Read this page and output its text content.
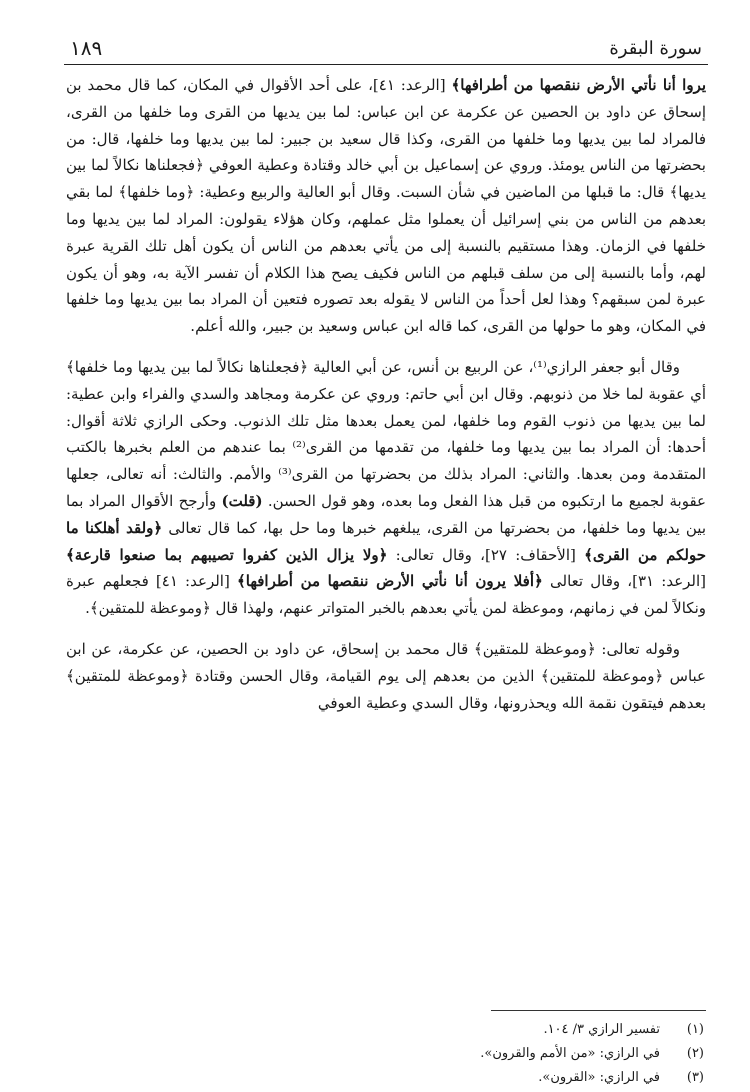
سورة البقرة
١٨٩

يروا أنا نأتي الأرض ننقصها من أطرافها﴾ [الرعد: ٤١]، على أحد الأقوال في المكان، كما قال محمد بن إسحاق عن داود بن الحصين عن عكرمة عن ابن عباس: لما بين يديها من القرى وما خلفها من القرى، فالمراد لما بين يديها وما خلفها من القرى، وكذا قال سعيد بن جبير: لما بين يديها وما خلفها، قال: من بحضرتها من الناس يومئذ. وروي عن إسماعيل بن أبي خالد وقتادة وعطية العوفي ﴿فجعلناها نكالاً لما بين يديها﴾ قال: ما قبلها من الماضين في شأن السبت. وقال أبو العالية والربيع وعطية: ﴿وما خلفها﴾ لما بقي بعدهم من الناس من بني إسرائيل أن يعملوا مثل عملهم، وكان هؤلاء يقولون: المراد لما بين يديها وما خلفها في الزمان. وهذا مستقيم بالنسبة إلى من يأتي بعدهم من الناس أن يكون أهل تلك القرية عبرة لهم، وأما بالنسبة إلى من سلف قبلهم من الناس فكيف يصح هذا الكلام أن تفسر الآية به، وهو أن يكون عبرة لمن سبقهم؟ وهذا لعل أحداً من الناس لا يقوله بعد تصوره فتعين أن المراد بما بين يديها وما خلفها في المكان، وهو ما حولها من القرى، كما قاله ابن عباس وسعيد بن جبير، والله أعلم.

وقال أبو جعفر الرازي⁽¹⁾، عن الربيع بن أنس، عن أبي العالية ﴿فجعلناها نكالاً لما بين يديها وما خلفها﴾ أي عقوبة لما خلا من ذنوبهم. وقال ابن أبي حاتم: وروي عن عكرمة ومجاهد والسدي والفراء وابن عطية: لما بين يديها من ذنوب القوم وما خلفها، لمن يعمل بعدها مثل تلك الذنوب. وحكى الرازي ثلاثة أقوال: أحدها: أن المراد بما بين يديها وما خلفها، من تقدمها من القرى⁽²⁾ بما عندهم من العلم بخبرها بالكتب المتقدمة ومن بعدها. والثاني: المراد بذلك من بحضرتها من القرى⁽³⁾ والأمم. والثالث: أنه تعالى، جعلها عقوبة لجميع ما ارتكبوه من قبل هذا الفعل وما بعده، وهو قول الحسن. (قلت) وأرجح الأقوال المراد بما بين يديها وما خلفها، من بحضرتها من القرى، يبلغهم خبرها وما حل بها، كما قال تعالى ﴿ولقد أهلكنا ما حولكم من القرى﴾ [الأحقاف: ٢٧]، وقال تعالى: ﴿ولا يزال الذين كفروا تصيبهم بما صنعوا قارعة﴾ [الرعد: ٣١]، وقال تعالى ﴿أفلا يرون أنا نأتي الأرض ننقصها من أطرافها﴾ [الرعد: ٤١] فجعلهم عبرة ونكالاً لمن في زمانهم، وموعظة لمن يأتي بعدهم بالخبر المتواتر عنهم، ولهذا قال ﴿وموعظة للمتقين﴾.

وقوله تعالى: ﴿وموعظة للمتقين﴾ قال محمد بن إسحاق، عن داود بن الحصين، عن عكرمة، عن ابن عباس ﴿وموعظة للمتقين﴾ الذين من بعدهم إلى يوم القيامة، وقال الحسن وقتادة ﴿وموعظة للمتقين﴾ بعدهم فيتقون نقمة الله ويحذرونها، وقال السدي وعطية العوفي

(١)تفسير الرازي ٣/ ١٠٤.
(٢)في الرازي: «من الأمم والقرون».
(٣)في الرازي: «القرون».
